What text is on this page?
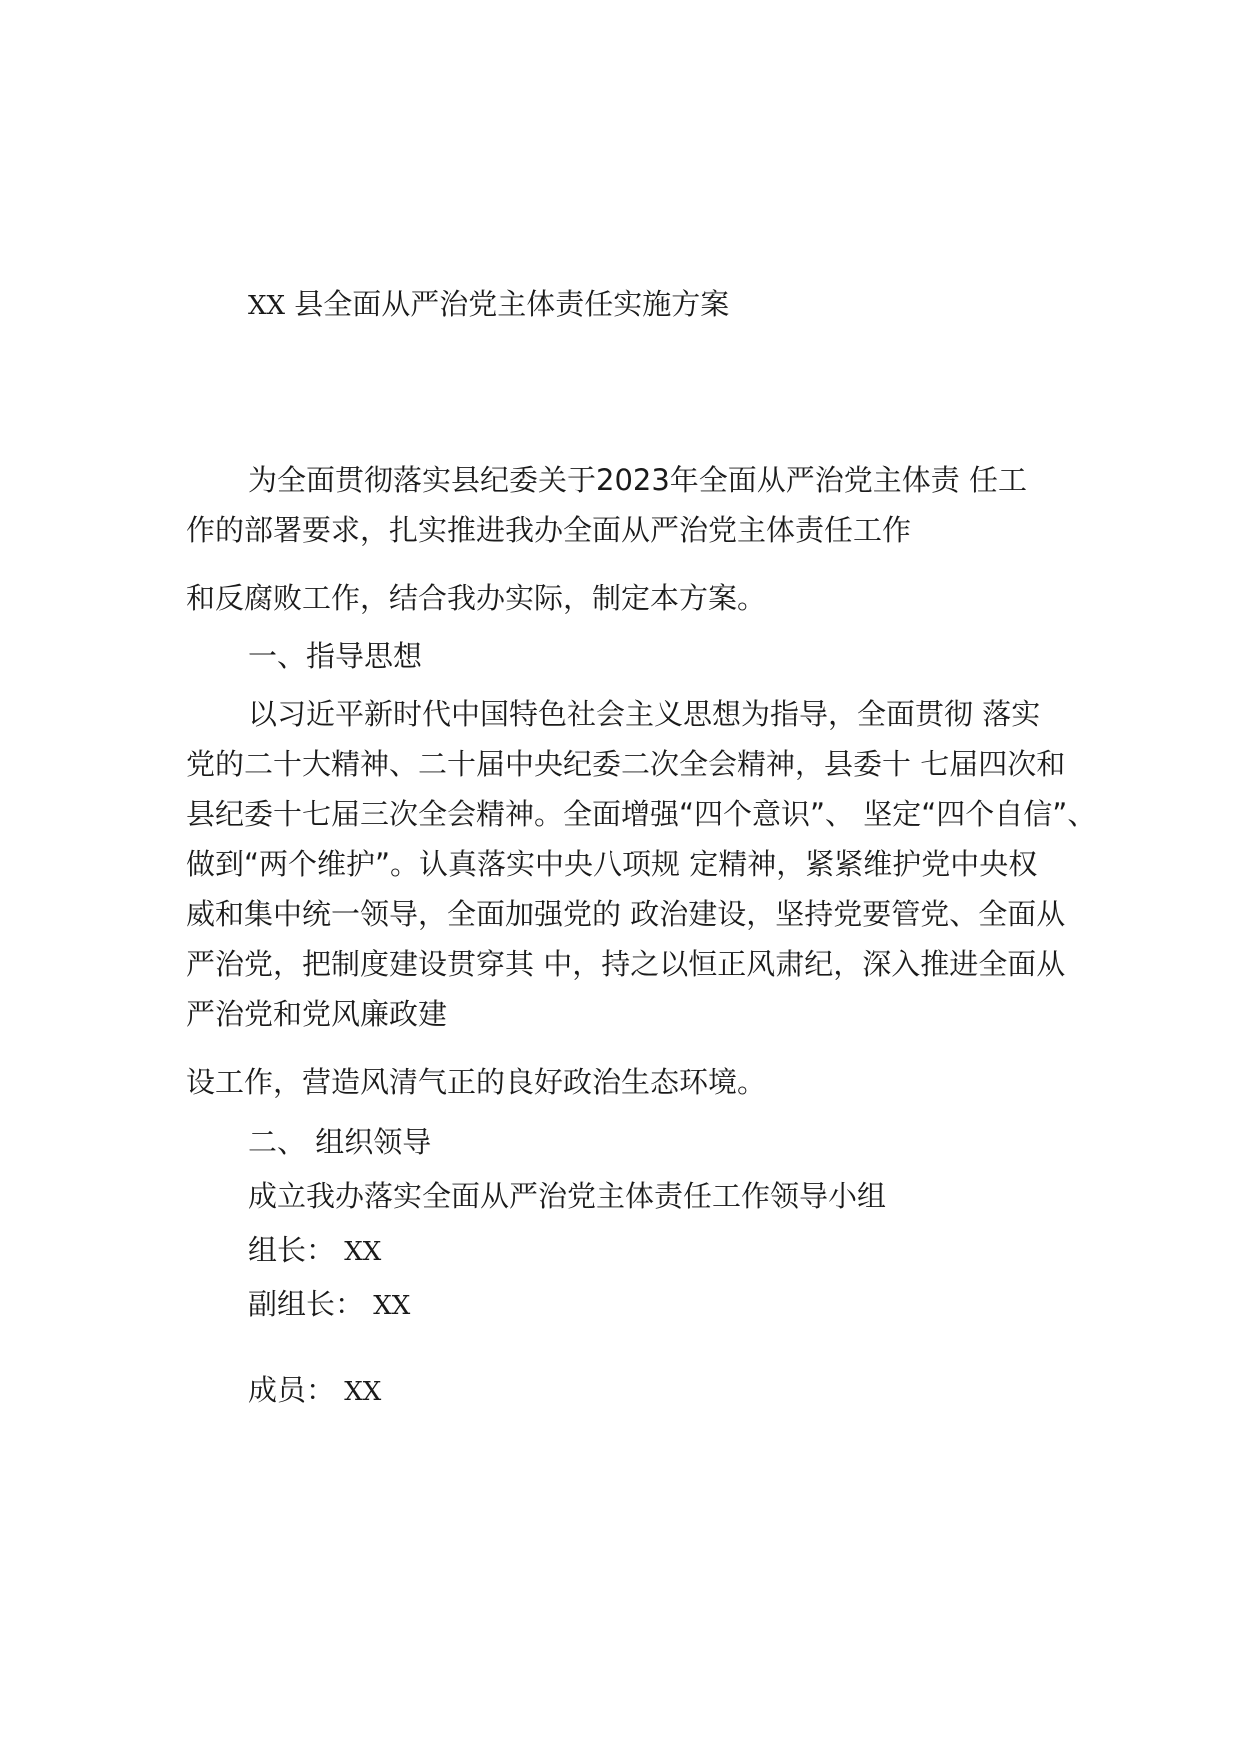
XX 县全面从严治党主体责任实施方案
为全面贯彻落实县纪委关于2023年全面从严治党主体责 任工
作的部署要求，扎实推进我办全面从严治党主体责任工作
和反腐败工作，结合我办实际，制定本方案。
一、指导思想
以习近平新时代中国特色社会主义思想为指导，全面贯彻 落实
党的二十大精神、二十届中央纪委二次全会精神，县委十 七届四次和
县纪委十七届三次全会精神。全面增强“四个意识”、 坚定“四个自信”、
做到“两个维护”。认真落实中央八项规 定精神，紧紧维护党中央权
威和集中统一领导，全面加强党的 政治建设，坚持党要管党、全面从
严治党，把制度建设贯穿其 中，持之以恒正风肃纪，深入推进全面从
严治党和党风廉政建
设工作，营造风清气正的良好政治生态环境。
二、 组织领导
成立我办落实全面从严治党主体责任工作领导小组
组长： XX
副组长： XX
成员： XX
